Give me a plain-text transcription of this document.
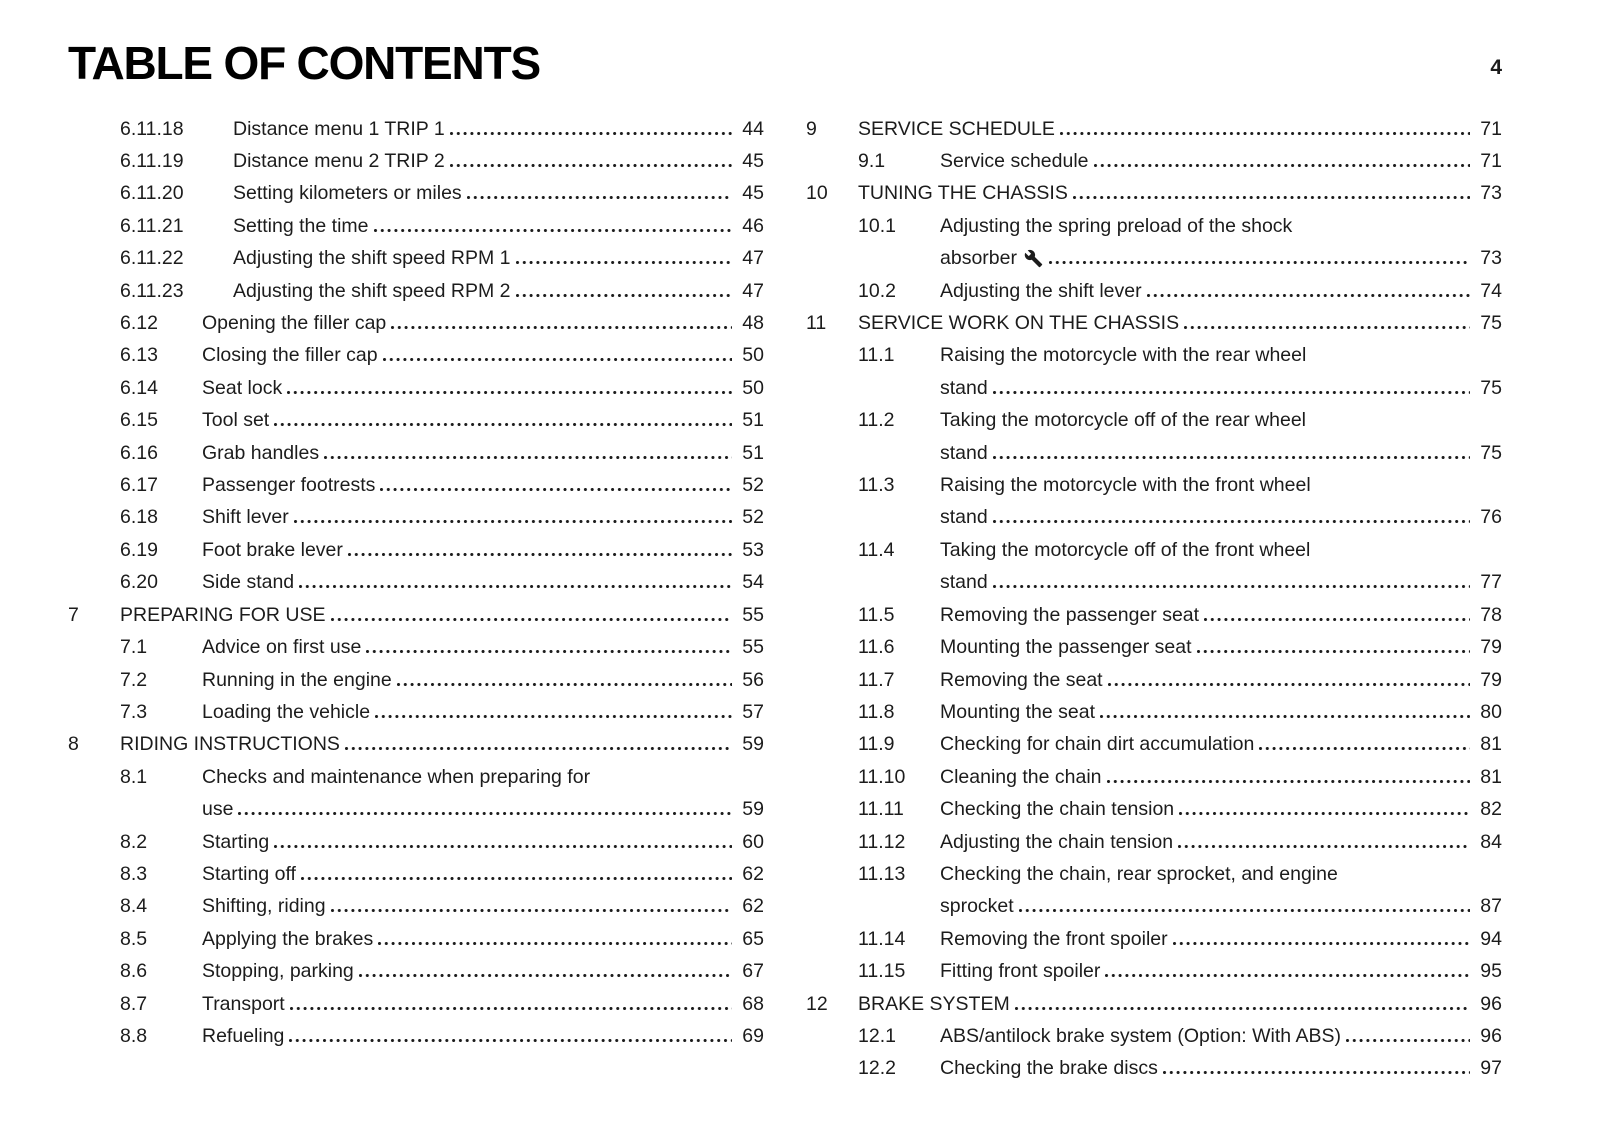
TABLE OF CONTENTS	4
6.11.18	Distance menu 1 TRIP 1	44
6.11.19	Distance menu 2 TRIP 2	45
6.11.20	Setting kilometers or miles	45
6.11.21	Setting the time	46
6.11.22	Adjusting the shift speed RPM 1	47
6.11.23	Adjusting the shift speed RPM 2	47
6.12	Opening the filler cap	48
6.13	Closing the filler cap	50
6.14	Seat lock	50
6.15	Tool set	51
6.16	Grab handles	51
6.17	Passenger footrests	52
6.18	Shift lever	52
6.19	Foot brake lever	53
6.20	Side stand	54
7	PREPARING FOR USE	55
7.1	Advice on first use	55
7.2	Running in the engine	56
7.3	Loading the vehicle	57
8	RIDING INSTRUCTIONS	59
8.1	Checks and maintenance when preparing for
use	59
8.2	Starting	60
8.3	Starting off	62
8.4	Shifting, riding	62
8.5	Applying the brakes	65
8.6	Stopping, parking	67
8.7	Transport	68
8.8	Refueling	69
9	SERVICE SCHEDULE	71
9.1	Service schedule	71
10	TUNING THE CHASSIS	73
10.1	Adjusting the spring preload of the shock
absorber	73
10.2	Adjusting the shift lever	74
11	SERVICE WORK ON THE CHASSIS	75
11.1	Raising the motorcycle with the rear wheel
stand	75
11.2	Taking the motorcycle off of the rear wheel
stand	75
11.3	Raising the motorcycle with the front wheel
stand	76
11.4	Taking the motorcycle off of the front wheel
stand	77
11.5	Removing the passenger seat	78
11.6	Mounting the passenger seat	79
11.7	Removing the seat	79
11.8	Mounting the seat	80
11.9	Checking for chain dirt accumulation	81
11.10	Cleaning the chain	81
11.11	Checking the chain tension	82
11.12	Adjusting the chain tension	84
11.13	Checking the chain, rear sprocket, and engine
sprocket	87
11.14	Removing the front spoiler	94
11.15	Fitting front spoiler	95
12	BRAKE SYSTEM	96
12.1	ABS/antilock brake system (Option: With ABS)	96
12.2	Checking the brake discs	97
